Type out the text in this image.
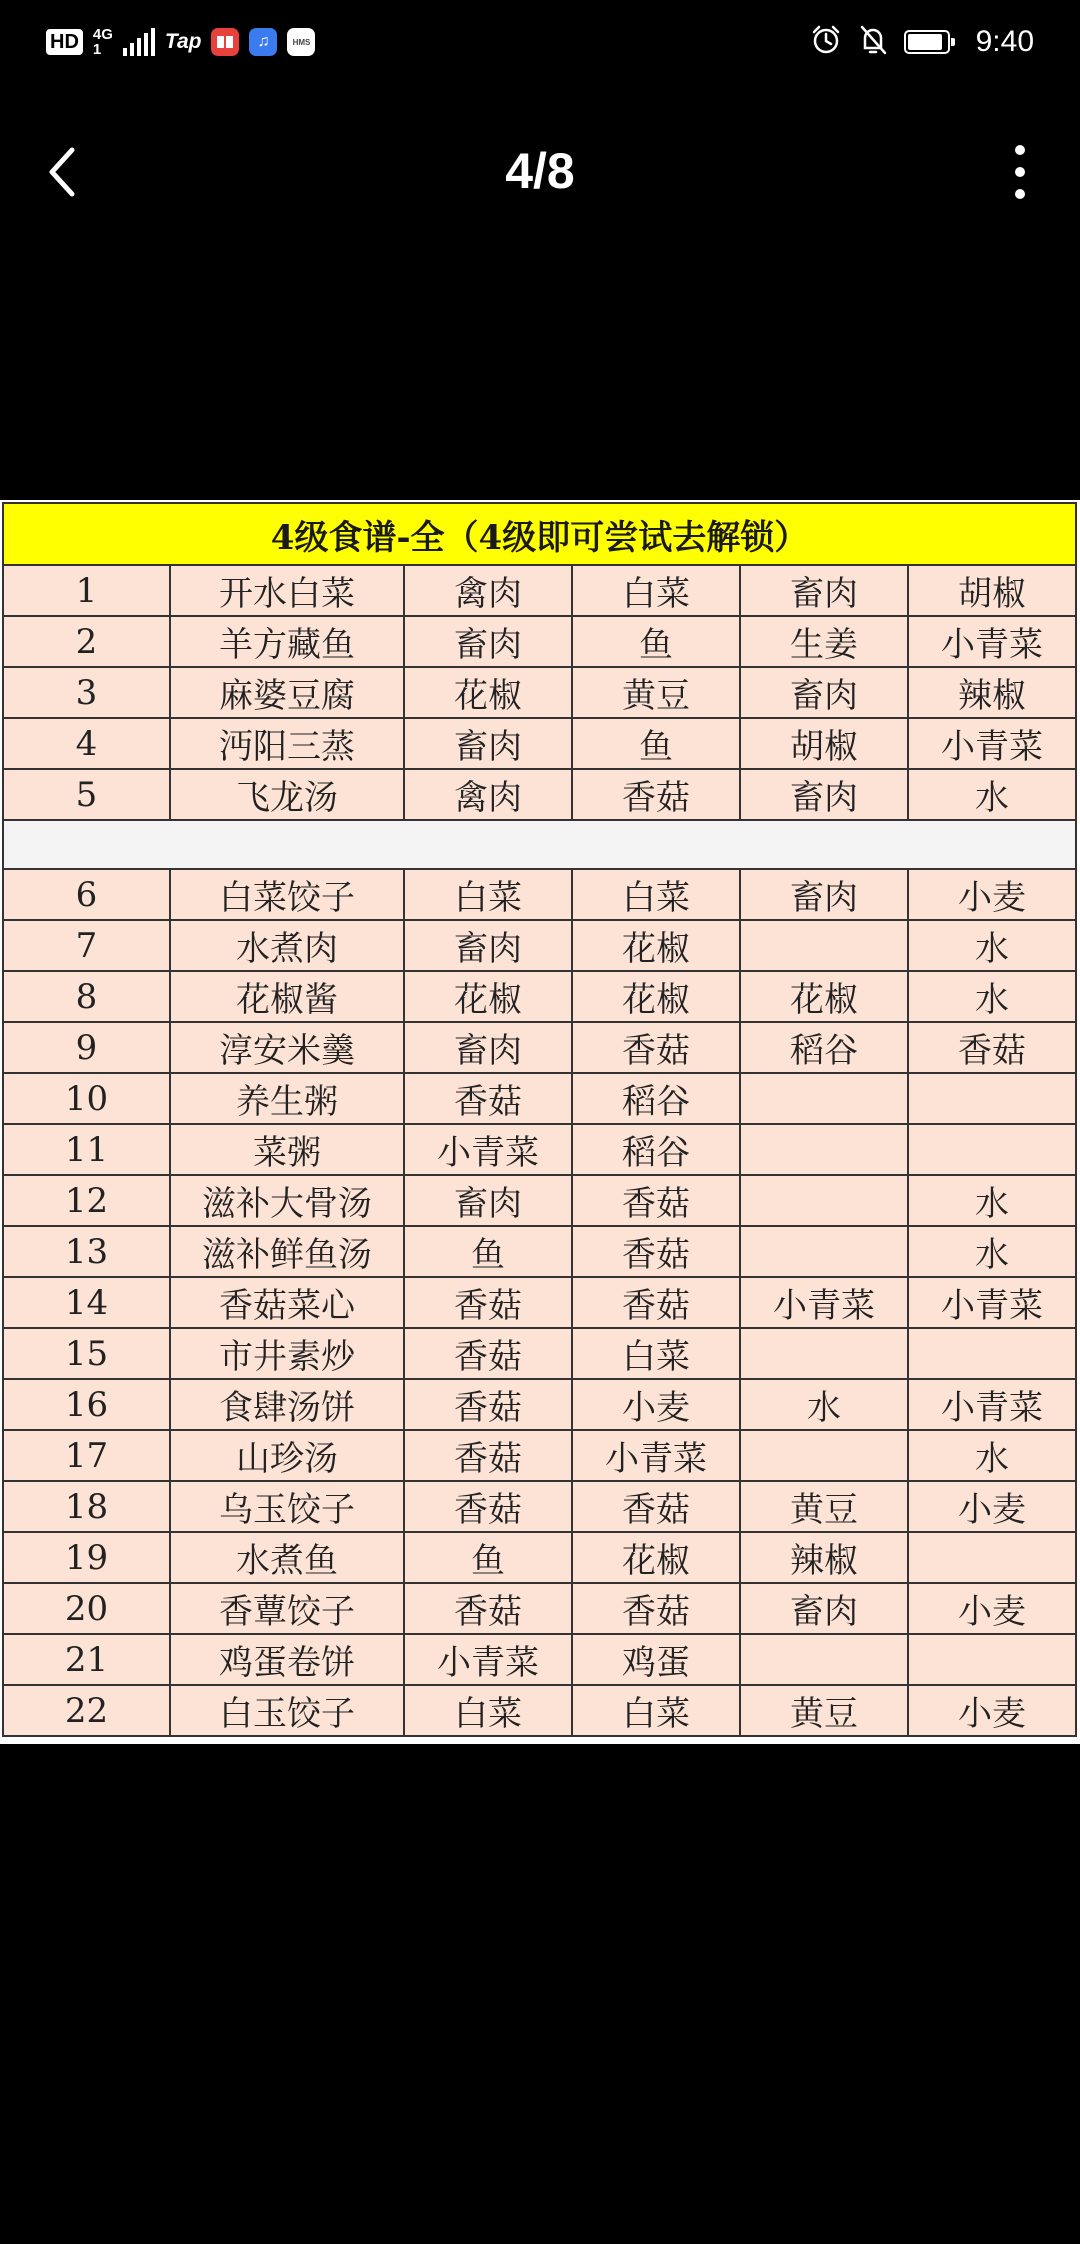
HD 4G
1	Tap	♫	HMS	9:40
4/8
4级食谱-全（4级即可尝试去解锁）					
1	开水白菜	禽肉	白菜	畜肉	胡椒
2	羊方藏鱼	畜肉	鱼	生姜	小青菜
3	麻婆豆腐	花椒	黄豆	畜肉	辣椒
4	沔阳三蒸	畜肉	鱼	胡椒	小青菜
5	飞龙汤	禽肉	香菇	畜肉	水

6	白菜饺子	白菜	白菜	畜肉	小麦
7	水煮肉	畜肉	花椒		水
8	花椒酱	花椒	花椒	花椒	水
9	淳安米羹	畜肉	香菇	稻谷	香菇
10	养生粥	香菇	稻谷		
11	菜粥	小青菜	稻谷		
12	滋补大骨汤	畜肉	香菇		水
13	滋补鲜鱼汤	鱼	香菇		水
14	香菇菜心	香菇	香菇	小青菜	小青菜
15	市井素炒	香菇	白菜		
16	食肆汤饼	香菇	小麦	水	小青菜
17	山珍汤	香菇	小青菜		水
18	乌玉饺子	香菇	香菇	黄豆	小麦
19	水煮鱼	鱼	花椒	辣椒	
20	香蕈饺子	香菇	香菇	畜肉	小麦
21	鸡蛋卷饼	小青菜	鸡蛋		
22	白玉饺子	白菜	白菜	黄豆	小麦
